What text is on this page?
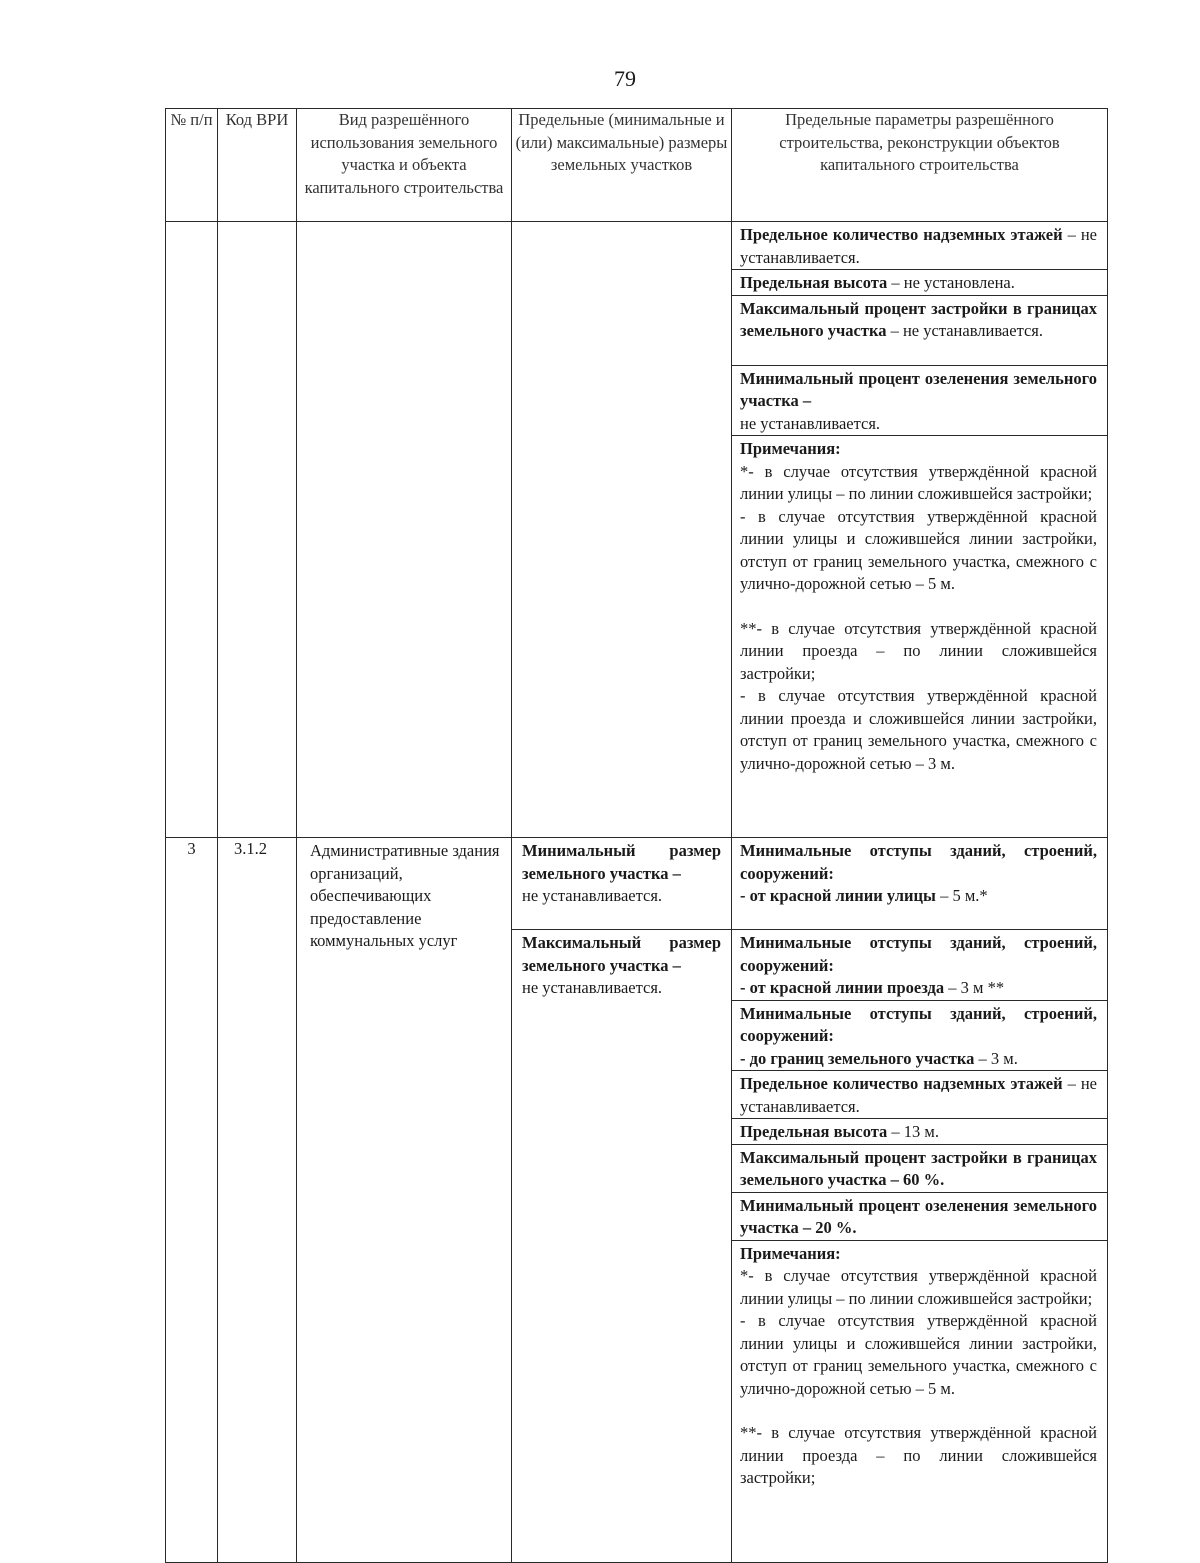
79
№ п/п	Код ВРИ	Вид разрешённого использования земельного участка и объекта капитального строительства	Предельные (минимальные и (или) максимальные) размеры земельных участков	Предельные параметры разрешённого строительства, реконструкции объектов капитального строительства
				Предельное количество надземных этажей – не устанавливается.
				Предельная высота – не установлена.
				Максимальный процент застройки в границах земельного участка – не устанавливается.

				Минимальный процент озеленения земельного участка –
не устанавливается.

				Примечания:
*- в случае отсутствия утверждённой красной линии улицы – по линии сложившейся застройки;
- в случае отсутствия утверждённой красной линии улицы и сложившейся линии застройки, отступ от границ земельного участка, смежного с улично-дорожной сетью – 5 м.
**- в случае отсутствия утверждённой красной линии проезда – по линии сложившейся застройки;
- в случае отсутствия утверждённой красной линии проезда и сложившейся линии застройки, отступ от границ земельного участка, смежного с улично-дорожной сетью – 3 м.

3	3.1.2	Административные здания организаций, обеспечивающих предоставление коммунальных услуг	Минимальный размер земельного участка –
не устанавливается.	Минимальные отступы зданий, строений, сооружений:
- от красной линии улицы – 5 м.*
			Максимальный размер земельного участка –
не устанавливается.	Минимальные отступы зданий, строений, сооружений:
- от красной линии проезда – 3 м **

				Минимальные отступы зданий, строений, сооружений:
- до границ земельного участка – 3 м.
				Предельное количество надземных этажей – не устанавливается.
				Предельная высота – 13 м.
				Максимальный процент застройки в границах земельного участка – 60 %.
				Минимальный процент озеленения земельного участка – 20 %.

				Примечания:
*- в случае отсутствия утверждённой красной линии улицы – по линии сложившейся застройки;
- в случае отсутствия утверждённой красной линии улицы и сложившейся линии застройки, отступ от границ земельного участка, смежного с улично-дорожной сетью – 5 м.
**- в случае отсутствия утверждённой красной линии проезда – по линии сложившейся застройки;
